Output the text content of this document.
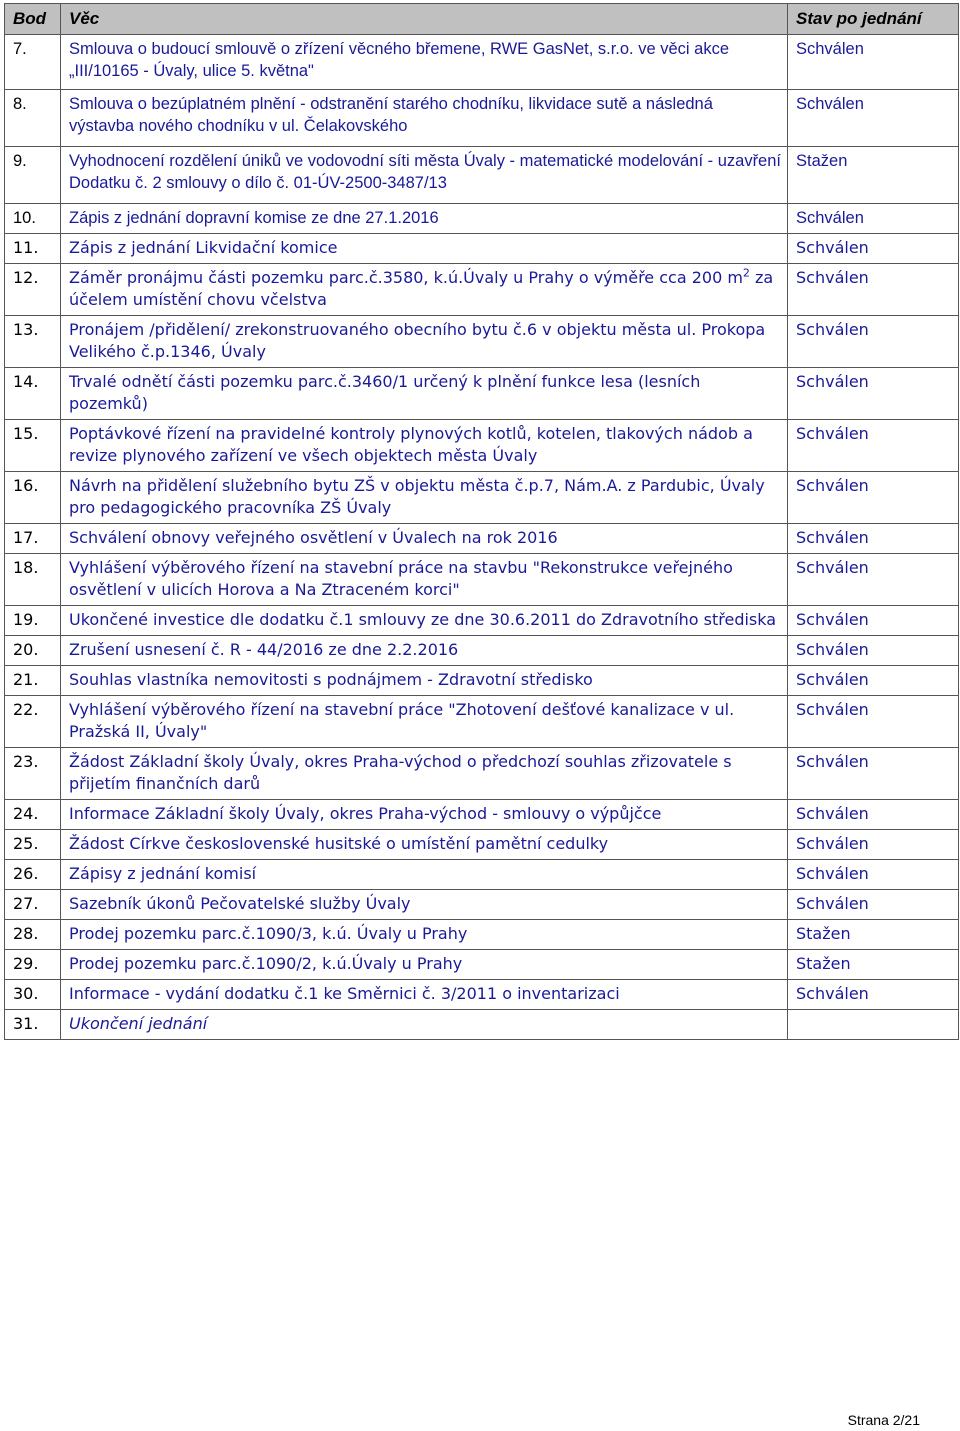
Bod	Věc	Stav po jednání
7.	Smlouva o budoucí smlouvě o zřízení věcného břemene, RWE GasNet, s.r.o. ve věci akce „III/10165 - Úvaly, ulice 5. května"	Schválen
8.	Smlouva o bezúplatném plnění - odstranění starého chodníku, likvidace sutě a následná výstavba nového chodníku v ul. Čelakovského	Schválen
9.	Vyhodnocení rozdělení úniků ve vodovodní síti města Úvaly - matematické modelování - uzavření Dodatku č. 2 smlouvy o dílo č. 01-ÚV-2500-3487/13	Stažen
10.	Zápis z jednání dopravní komise ze dne 27.1.2016	Schválen
11.	Zápis z jednání Likvidační komice	Schválen
12.	Záměr pronájmu části pozemku parc.č.3580, k.ú.Úvaly u Prahy o výměře cca 200 $m^2$ za účelem umístění chovu včelstva	Schválen
13.	Pronájem /přidělení/ zrekonstruovaného obecního bytu č.6 v objektu města ul. Prokopa Velikého č.p.1346, Úvaly	Schválen
14.	Trvalé odnětí části pozemku parc.č.3460/1 určený k plnění funkce lesa (lesních pozemků)	Schválen
15.	Poptávkové řízení na pravidelné kontroly plynových kotlů, kotelen, tlakových nádob a revize plynového zařízení ve všech objektech města Úvaly	Schválen
16.	Návrh na přidělení služebního bytu ZŠ v objektu města č.p.7, Nám.A. z Pardubic, Úvaly pro pedagogického pracovníka ZŠ Úvaly	Schválen
17.	Schválení obnovy veřejného osvětlení v Úvalech na rok 2016	Schválen
18.	Vyhlášení výběrového řízení na stavební práce na stavbu "Rekonstrukce veřejného osvětlení v ulicích Horova a Na Ztraceném korci"	Schválen
19.	Ukončené investice dle dodatku č.1 smlouvy ze dne 30.6.2011 do Zdravotního střediska	Schválen
20.	Zrušení usnesení č. R - 44/2016 ze dne 2.2.2016	Schválen
21.	Souhlas vlastníka nemovitosti s podnájmem - Zdravotní středisko	Schválen
22.	Vyhlášení výběrového řízení na stavební práce "Zhotovení dešťové kanalizace v ul. Pražská II, Úvaly"	Schválen
23.	Žádost Základní školy Úvaly, okres Praha-východ o předchozí souhlas zřizovatele s přijetím finančních darů	Schválen
24.	Informace Základní školy Úvaly, okres Praha-východ - smlouvy o výpůjčce	Schválen
25.	Žádost Církve československé husitské o umístění pamětní cedulky	Schválen
26.	Zápisy z jednání komisí	Schválen
27.	Sazebník úkonů Pečovatelské služby Úvaly	Schválen
28.	Prodej pozemku parc.č.1090/3, k.ú. Úvaly u Prahy	Stažen
29.	Prodej pozemku parc.č.1090/2, k.ú.Úvaly u Prahy	Stažen
30.	Informace - vydání dodatku č.1 ke Směrnici č. 3/2011 o inventarizaci	Schválen
31.	Ukončení jednání	
Strana 2/21
